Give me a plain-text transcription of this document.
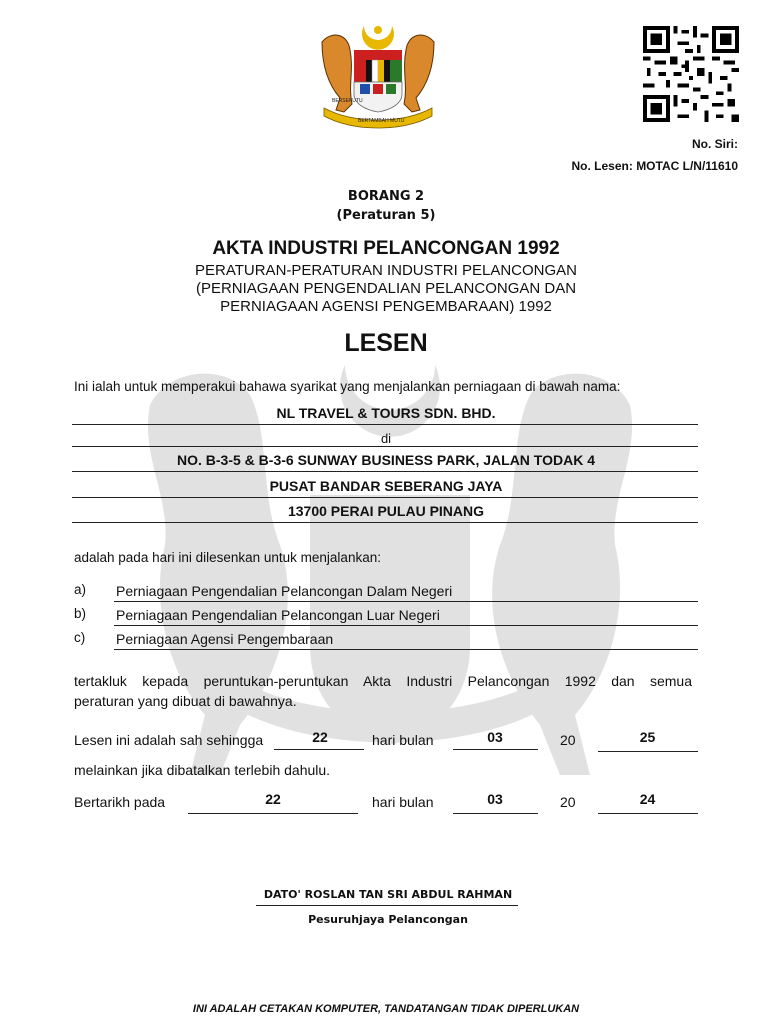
BERSEKUTU
BERTAMBAH MUTU
No. Siri:
No. Lesen: MOTAC L/N/11610
BORANG 2
(Peraturan 5)
AKTA INDUSTRI PELANCONGAN 1992
PERATURAN-PERATURAN INDUSTRI PELANCONGAN
(PERNIAGAAN PENGENDALIAN PELANCONGAN DAN
PERNIAGAAN AGENSI PENGEMBARAAN) 1992
LESEN
Ini ialah untuk memperakui bahawa syarikat yang menjalankan perniagaan di bawah nama:
NL TRAVEL & TOURS SDN. BHD.
di
NO. B-3-5 & B-3-6 SUNWAY BUSINESS PARK, JALAN TODAK 4
PUSAT BANDAR SEBERANG JAYA
13700 PERAI PULAU PINANG
adalah pada hari ini dilesenkan untuk menjalankan:
a) Perniagaan Pengendalian Pelancongan Dalam Negeri
b) Perniagaan Pengendalian Pelancongan Luar Negeri
c) Perniagaan Agensi Pengembaraan
tertakluk kepada peruntukan-peruntukan Akta Industri Pelancongan 1992 dan semua
peraturan yang dibuat di bawahnya.
Lesen ini adalah sah sehingga	22	hari bulan	03	20	25
melainkan jika dibatalkan terlebih dahulu.
Bertarikh pada	22	hari bulan	03	20	24
DATO' ROSLAN TAN SRI ABDUL RAHMAN
Pesuruhjaya Pelancongan
INI ADALAH CETAKAN KOMPUTER, TANDATANGAN TIDAK DIPERLUKAN
